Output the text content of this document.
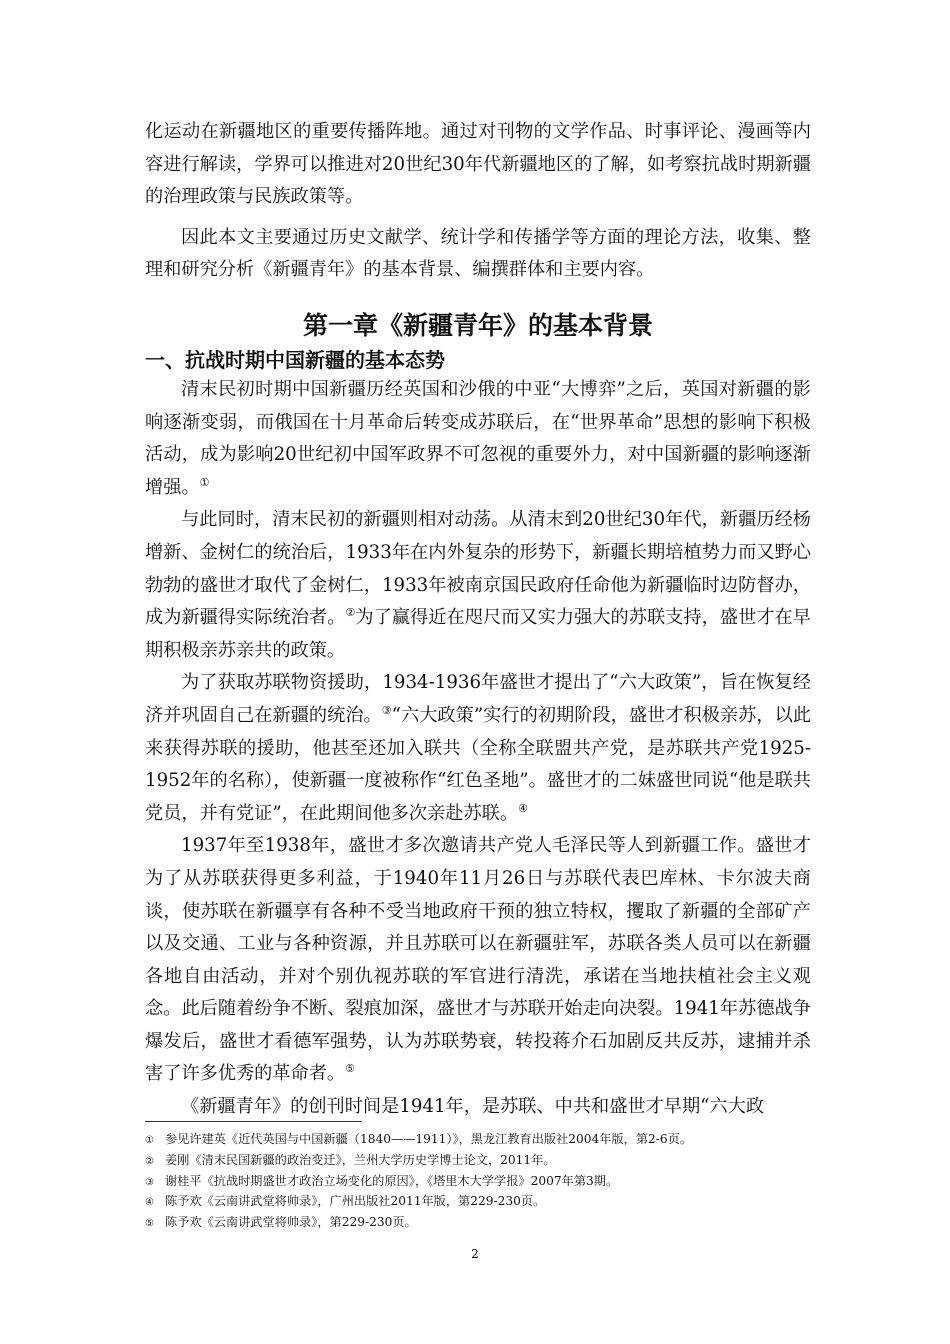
化运动在新疆地区的重要传播阵地。通过对刊物的文学作品、时事评论、漫画等内容进行解读，学界可以推进对20世纪30年代新疆地区的了解，如考察抗战时期新疆的治理政策与民族政策等。

因此本文主要通过历史文献学、统计学和传播学等方面的理论方法，收集、整理和研究分析《新疆青年》的基本背景、编撰群体和主要内容。

第一章《新疆青年》的基本背景
一、抗战时期中国新疆的基本态势

清末民初时期中国新疆历经英国和沙俄的中亚“大博弈”之后，英国对新疆的影响逐渐变弱，而俄国在十月革命后转变成苏联后，在“世界革命”思想的影响下积极活动，成为影响20世纪初中国军政界不可忽视的重要外力，对中国新疆的影响逐渐增强。①

与此同时，清末民初的新疆则相对动荡。从清末到20世纪30年代，新疆历经杨增新、金树仁的统治后，1933年在内外复杂的形势下，新疆长期培植势力而又野心勃勃的盛世才取代了金树仁，1933年被南京国民政府任命他为新疆临时边防督办，成为新疆得实际统治者。②为了赢得近在咫尺而又实力强大的苏联支持，盛世才在早期积极亲苏亲共的政策。

为了获取苏联物资援助，1934-1936年盛世才提出了“六大政策”，旨在恢复经济并巩固自己在新疆的统治。③“六大政策”实行的初期阶段，盛世才积极亲苏，以此来获得苏联的援助，他甚至还加入联共（全称全联盟共产党，是苏联共产党1925-1952年的名称），使新疆一度被称作“红色圣地”。盛世才的二妹盛世同说“他是联共党员，并有党证”，在此期间他多次亲赴苏联。④

1937年至1938年，盛世才多次邀请共产党人毛泽民等人到新疆工作。盛世才为了从苏联获得更多利益，于1940年11月26日与苏联代表巴库林、卡尔波夫商谈，使苏联在新疆享有各种不受当地政府干预的独立特权，攫取了新疆的全部矿产以及交通、工业与各种资源，并且苏联可以在新疆驻军，苏联各类人员可以在新疆各地自由活动，并对个别仇视苏联的军官进行清洗，承诺在当地扶植社会主义观念。此后随着纷争不断、裂痕加深，盛世才与苏联开始走向决裂。1941年苏德战争爆发后，盛世才看德军强势，认为苏联势衰，转投蒋介石加剧反共反苏，逮捕并杀害了许多优秀的革命者。⑤

《新疆青年》的创刊时间是1941年，是苏联、中共和盛世才早期“六大政

① 参见许建英《近代英国与中国新疆（1840——1911）》，黑龙江教育出版社2004年版，第2-6页。

② 姜刚《清末民国新疆的政治变迁》，兰州大学历史学博士论文，2011年。

③ 谢桂平《抗战时期盛世才政治立场变化的原因》，《塔里木大学学报》2007年第3期。

④ 陈予欢《云南讲武堂将帅录》，广州出版社2011年版，第229-230页。

⑤ 陈予欢《云南讲武堂将帅录》，第229-230页。

2
